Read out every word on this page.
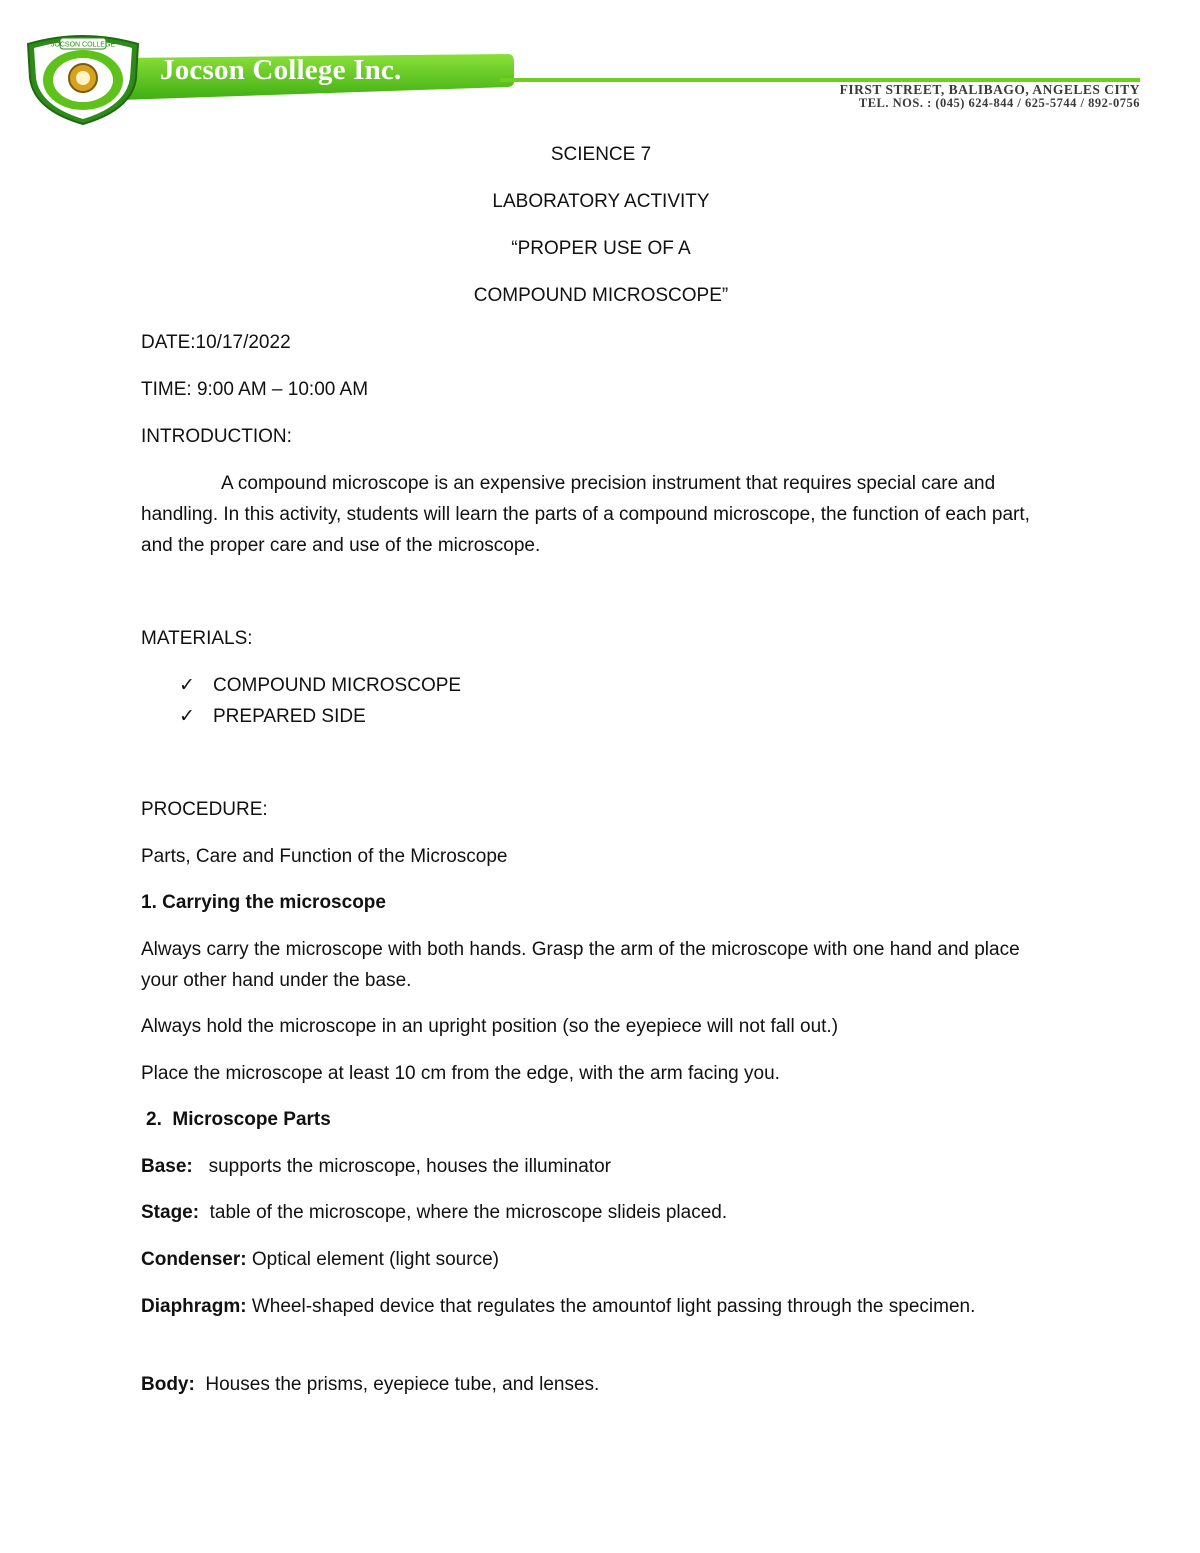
Jocson College Inc.
FIRST STREET, BALIBAGO, ANGELES CITY
TEL. NOS. : (045) 624-844 / 625-5744 / 892-0756
JOCSON COLLEGE
SCIENCE 7
LABORATORY ACTIVITY
“PROPER USE OF A
COMPOUND MICROSCOPE”
DATE:10/17/2022
TIME: 9:00 AM – 10:00 AM
INTRODUCTION:
A compound microscope is an expensive precision instrument that requires special care and handling. In this activity, students will learn the parts of a compound microscope, the function of each part, and the proper care and use of the microscope.
MATERIALS:
✓ COMPOUND MICROSCOPE
✓ PREPARED SIDE
PROCEDURE:
Parts, Care and Function of the Microscope
1. Carrying the microscope
Always carry the microscope with both hands. Grasp the arm of the microscope with one hand and place your other hand under the base.
Always hold the microscope in an upright position (so the eyepiece will not fall out.)
Place the microscope at least 10 cm from the edge, with the arm facing you.
2.  Microscope Parts
Base: supports the microscope, houses the illuminator
Stage: table of the microscope, where the microscope slideis placed.
Condenser: Optical element (light source)
Diaphragm: Wheel-shaped device that regulates the amountof light passing through the specimen.
Body: Houses the prisms, eyepiece tube, and lenses.
